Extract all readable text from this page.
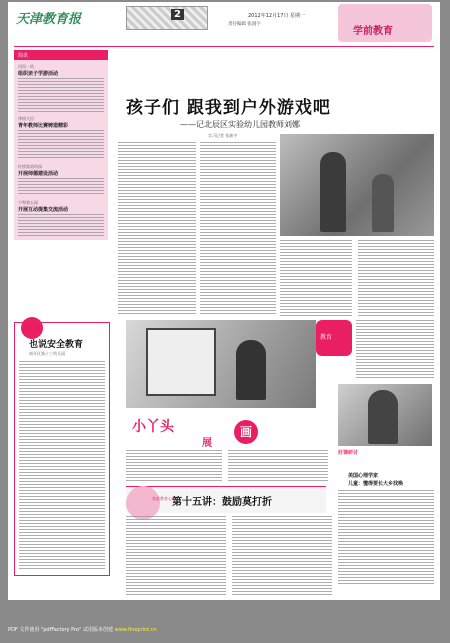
天津教育报	2	2012年12月17日 星期一
责任编辑 张润宇
学前教育
简讯
河西一幼
组织亲子学游活动
津南大田
青年教师比赛铸造精彩
红桥富裕幼园
开展师德建设活动
宁和第五园
开展互动提集交流活动
孩子们 跟我到户外游戏吧
——记北辰区实验幼儿园教师刘娜
实习记者 张新宇
也说安全教育
南开区第十三幼儿园
教育
小丫头	画
展
好课研讨
美国心理学家
儿童：懂得要长大乡找唤
家庭教育心得
第十五讲：鼓励莫打折
PDF 文件使用 "pdfFactory Pro" 试用版本创建 www.fineprint.cn
